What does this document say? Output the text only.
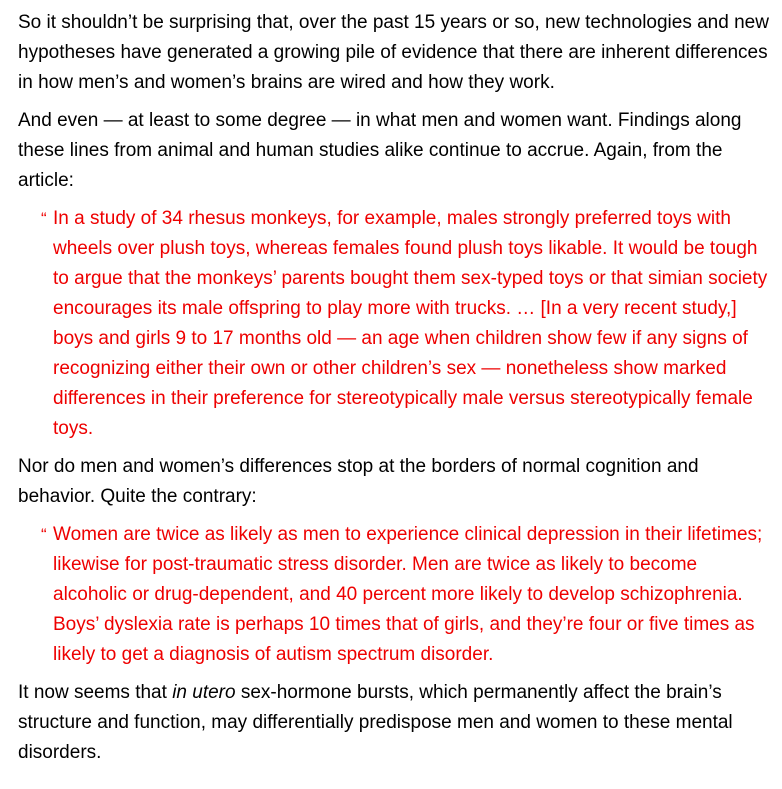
So it shouldn’t be surprising that, over the past 15 years or so, new technologies and new hypotheses have generated a growing pile of evidence that there are inherent differences in how men’s and women’s brains are wired and how they work.

And even — at least to some degree — in what men and women want. Findings along these lines from animal and human studies alike continue to accrue. Again, from the article:

“ In a study of 34 rhesus monkeys, for example, males strongly preferred toys with wheels over plush toys, whereas females found plush toys likable. It would be tough to argue that the monkeys’ parents bought them sex-typed toys or that simian society encourages its male offspring to play more with trucks. … [In a very recent study,] boys and girls 9 to 17 months old — an age when children show few if any signs of recognizing either their own or other children’s sex — nonetheless show marked differences in their preference for stereotypically male versus stereotypically female toys.

Nor do men and women’s differences stop at the borders of normal cognition and behavior. Quite the contrary:

“ Women are twice as likely as men to experience clinical depression in their lifetimes; likewise for post-traumatic stress disorder. Men are twice as likely to become alcoholic or drug-dependent, and 40 percent more likely to develop schizophrenia. Boys’ dyslexia rate is perhaps 10 times that of girls, and they’re four or five times as likely to get a diagnosis of autism spectrum disorder.

It now seems that in utero sex-hormone bursts, which permanently affect the brain’s structure and function, may differentially predispose men and women to these mental disorders.
